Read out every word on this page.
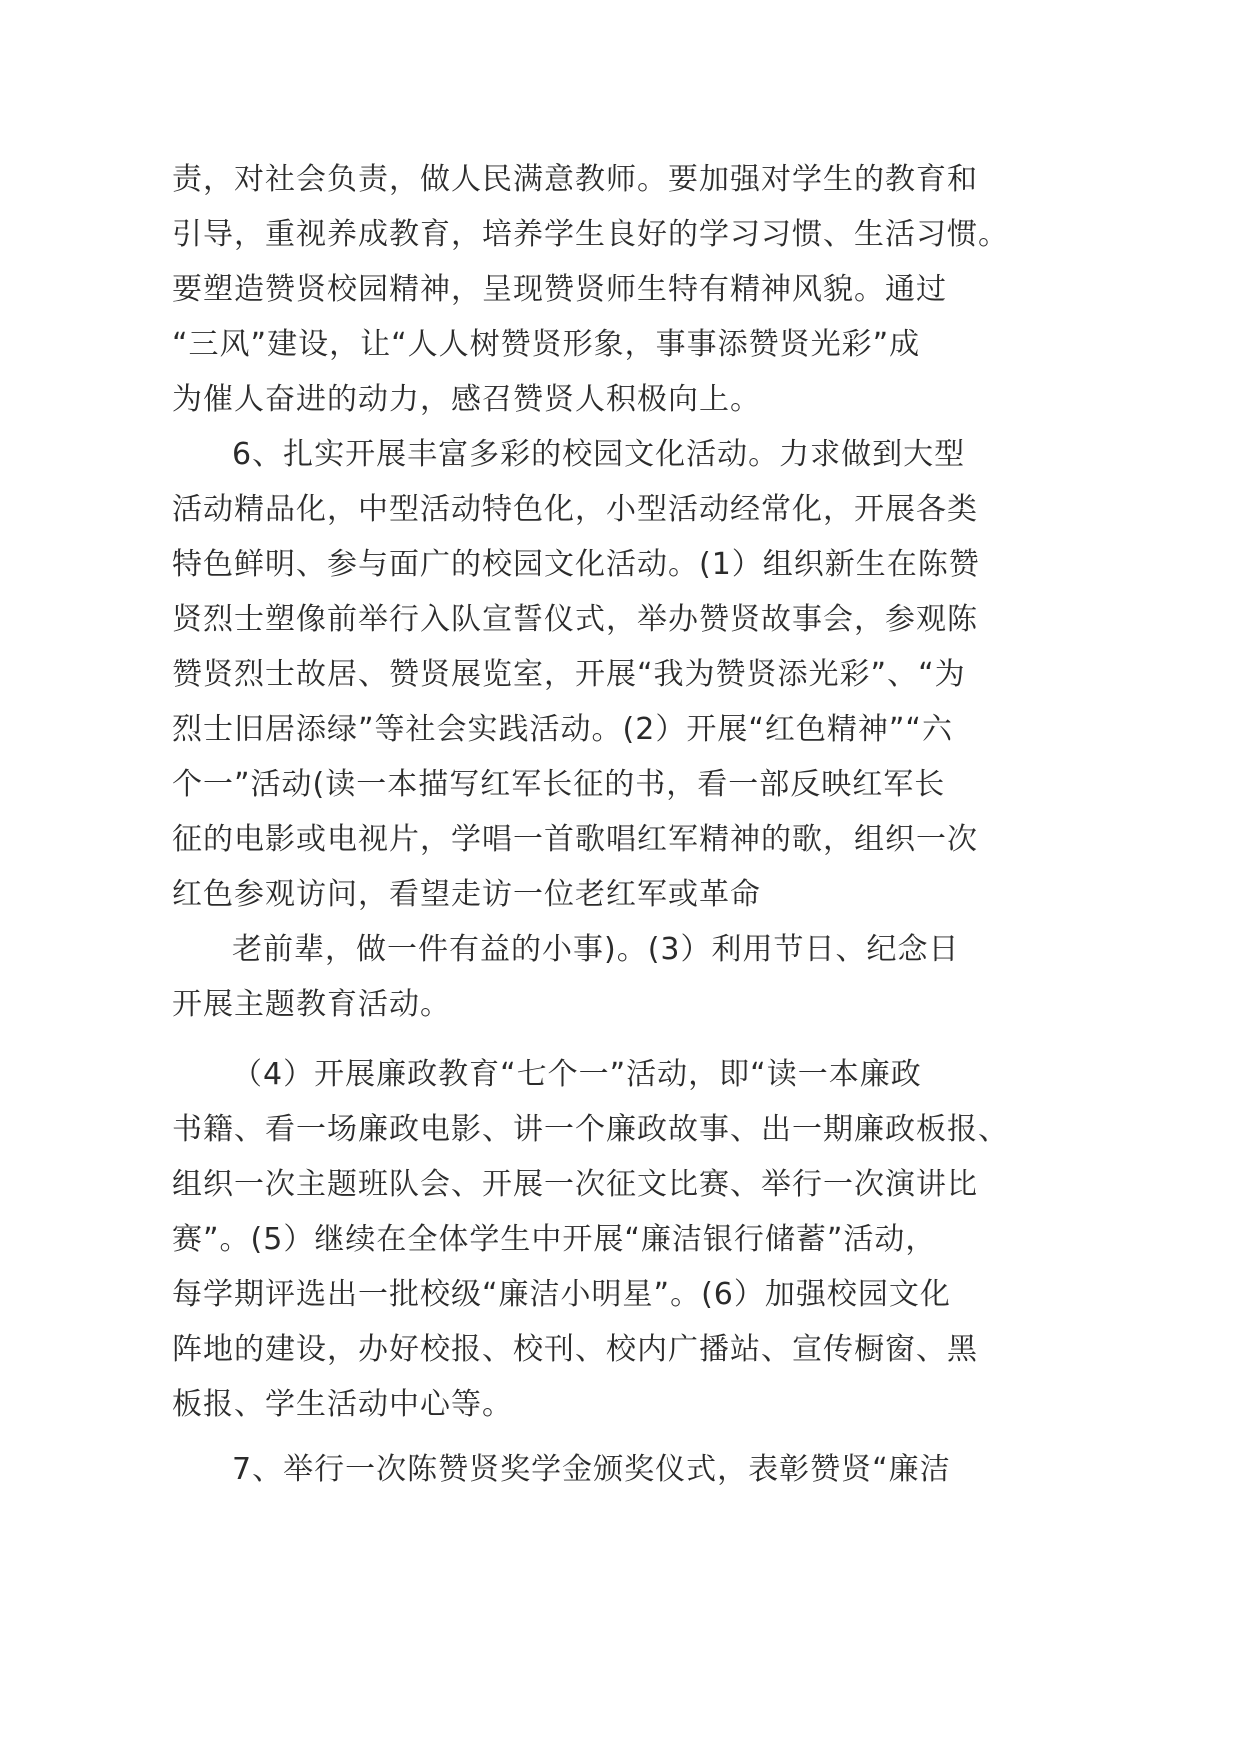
责，对社会负责，做人民满意教师。要加强对学生的教育和
引导，重视养成教育，培养学生良好的学习习惯、生活习惯。
要塑造赞贤校园精神，呈现赞贤师生特有精神风貌。通过
“三风”建设，让“人人树赞贤形象，事事添赞贤光彩”成
为催人奋进的动力，感召赞贤人积极向上。
6、扎实开展丰富多彩的校园文化活动。力求做到大型
活动精品化，中型活动特色化，小型活动经常化，开展各类
特色鲜明、参与面广的校园文化活动。(1）组织新生在陈赞
贤烈士塑像前举行入队宣誓仪式，举办赞贤故事会，参观陈
赞贤烈士故居、赞贤展览室，开展“我为赞贤添光彩”、“为
烈士旧居添绿”等社会实践活动。(2）开展“红色精神”“六
个一”活动(读一本描写红军长征的书，看一部反映红军长
征的电影或电视片，学唱一首歌唱红军精神的歌，组织一次
红色参观访问，看望走访一位老红军或革命
老前辈，做一件有益的小事)。(3）利用节日、纪念日
开展主题教育活动。
（4）开展廉政教育“七个一”活动，即“读一本廉政
书籍、看一场廉政电影、讲一个廉政故事、出一期廉政板报、
组织一次主题班队会、开展一次征文比赛、举行一次演讲比
赛”。(5）继续在全体学生中开展“廉洁银行储蓄”活动，
每学期评选出一批校级“廉洁小明星”。(6）加强校园文化
阵地的建设，办好校报、校刊、校内广播站、宣传橱窗、黑
板报、学生活动中心等。
7、举行一次陈赞贤奖学金颁奖仪式，表彰赞贤“廉洁
